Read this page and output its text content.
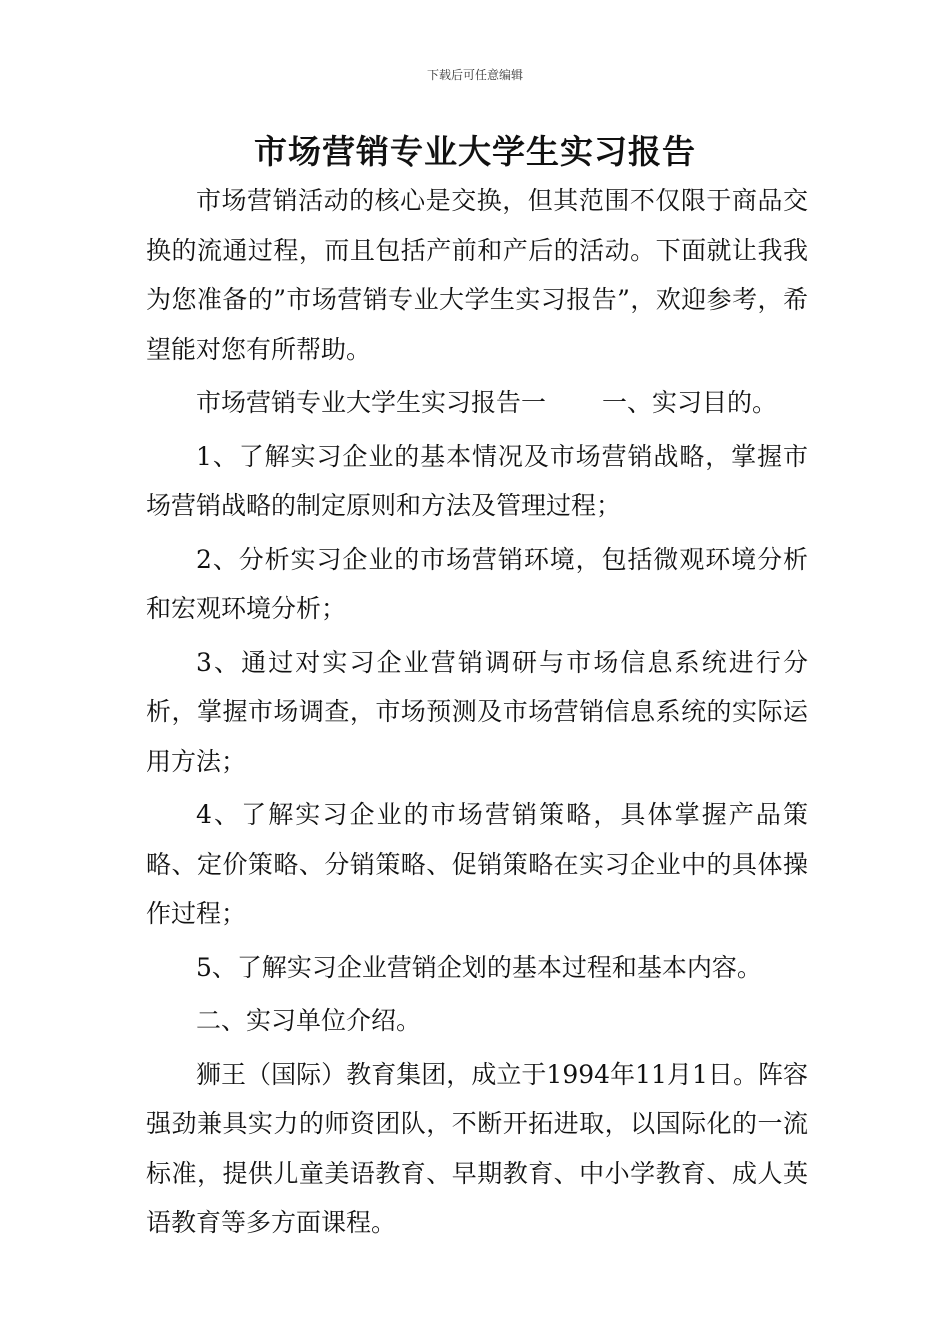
下载后可任意编辑
市场营销专业大学生实习报告

市场营销活动的核心是交换，但其范围不仅限于商品交换的流通过程，而且包括产前和产后的活动。下面就让我我为您准备的”市场营销专业大学生实习报告”，欢迎参考，希望能对您有所帮助。

市场营销专业大学生实习报告一 一、实习目的。

1、了解实习企业的基本情况及市场营销战略，掌握市场营销战略的制定原则和方法及管理过程；

2、分析实习企业的市场营销环境，包括微观环境分析和宏观环境分析；

3、通过对实习企业营销调研与市场信息系统进行分析，掌握市场调查，市场预测及市场营销信息系统的实际运用方法；

4、了解实习企业的市场营销策略，具体掌握产品策略、定价策略、分销策略、促销策略在实习企业中的具体操作过程；

5、了解实习企业营销企划的基本过程和基本内容。

二、实习单位介绍。

狮王（国际）教育集团，成立于1994年11月1日。阵容强劲兼具实力的师资团队，不断开拓进取，以国际化的一流标准，提供儿童美语教育、早期教育、中小学教育、成人英语教育等多方面课程。
